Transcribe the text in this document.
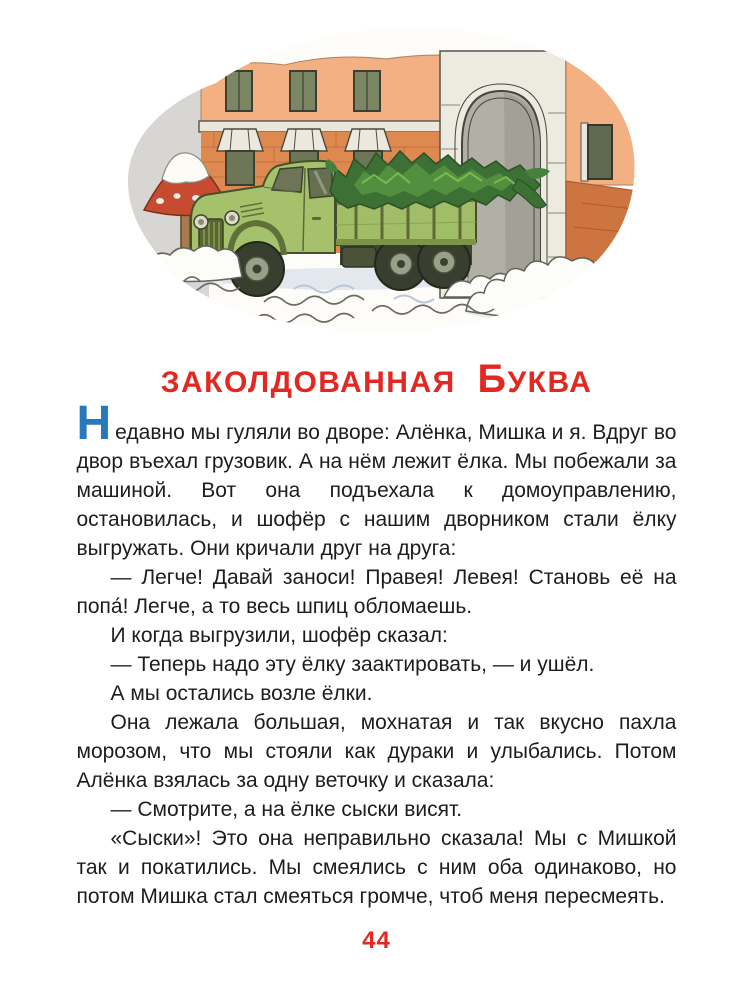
ЗАКОЛДОВАННАЯ БУКВА

Недавно мы гуляли во дворе: Алёнка, Мишка и я. Вдруг во двор въехал грузовик. А на нём лежит ёлка. Мы побежали за машиной. Вот она подъехала к домоуправлению, остановилась, и шофёр с нашим дворником стали ёлку выгружать. Они кричали друг на друга:

— Легче! Давай заноси! Правея! Левея! Становь её на попа́! Легче, а то весь шпиц обломаешь.

И когда выгрузили, шофёр сказал:

— Теперь надо эту ёлку заактировать, — и ушёл.

А мы остались возле ёлки.

Она лежала большая, мохнатая и так вкусно пахла морозом, что мы стояли как дураки и улыбались. Потом Алёнка взялась за одну веточку и сказала:

— Смотрите, а на ёлке сыски висят.

«Сыски»! Это она неправильно сказала! Мы с Мишкой так и покатились. Мы смеялись с ним оба одинаково, но потом Мишка стал смеяться громче, чтоб меня пересмеять.

44
